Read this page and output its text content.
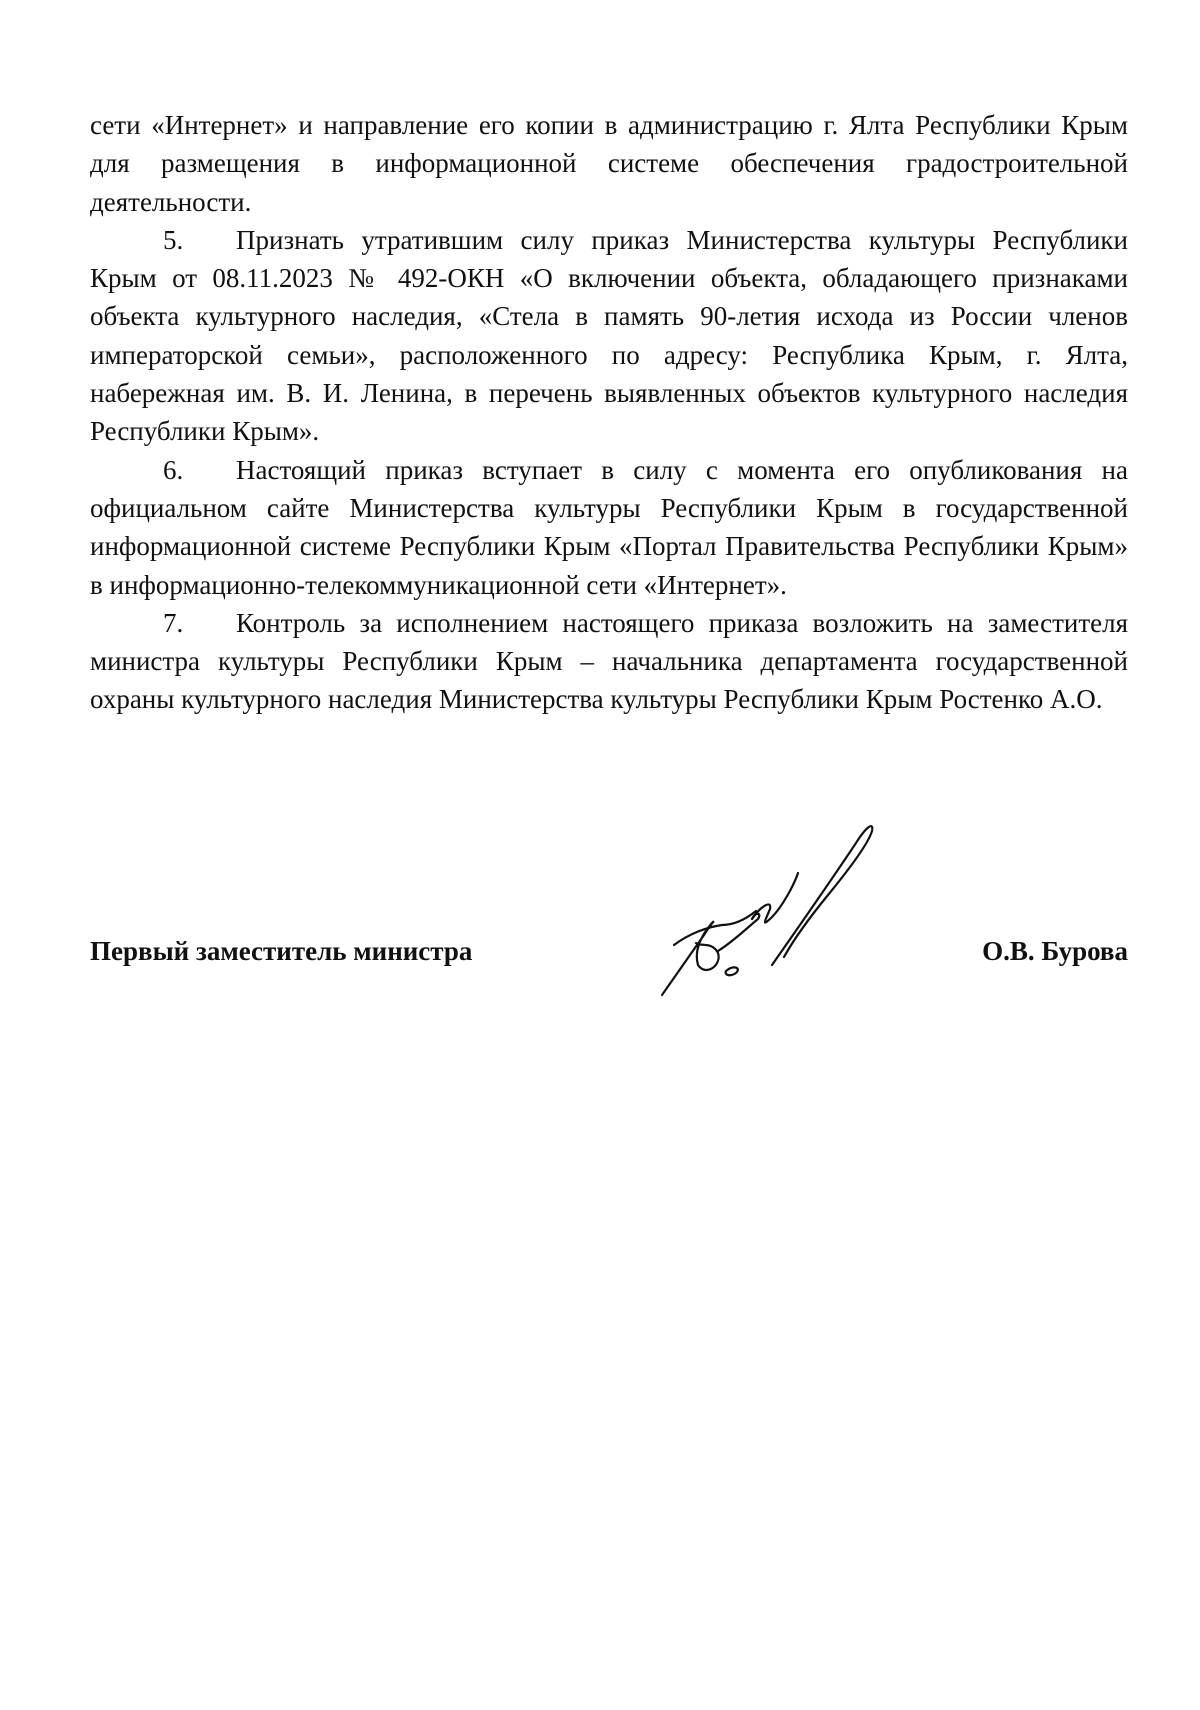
сети «Интернет» и направление его копии в администрацию г. Ялта Республики Крым для размещения в информационной системе обеспечения градостроительной деятельности.

5. Признать утратившим силу приказ Министерства культуры Республики Крым от 08.11.2023 № 492-ОКН «О включении объекта, обладающего признаками объекта культурного наследия, «Стела в память 90-летия исхода из России членов императорской семьи», расположенного по адресу: Республика Крым, г. Ялта, набережная им. В. И. Ленина, в перечень выявленных объектов культурного наследия Республики Крым».

6. Настоящий приказ вступает в силу с момента его опубликования на официальном сайте Министерства культуры Республики Крым в государственной информационной системе Республики Крым «Портал Правительства Республики Крым» в информационно-телекоммуникационной сети «Интернет».

7. Контроль за исполнением настоящего приказа возложить на заместителя министра культуры Республики Крым – начальника департамента государственной охраны культурного наследия Министерства культуры Республики Крым Ростенко А.О.

Первый заместитель министра	О.В. Бурова
